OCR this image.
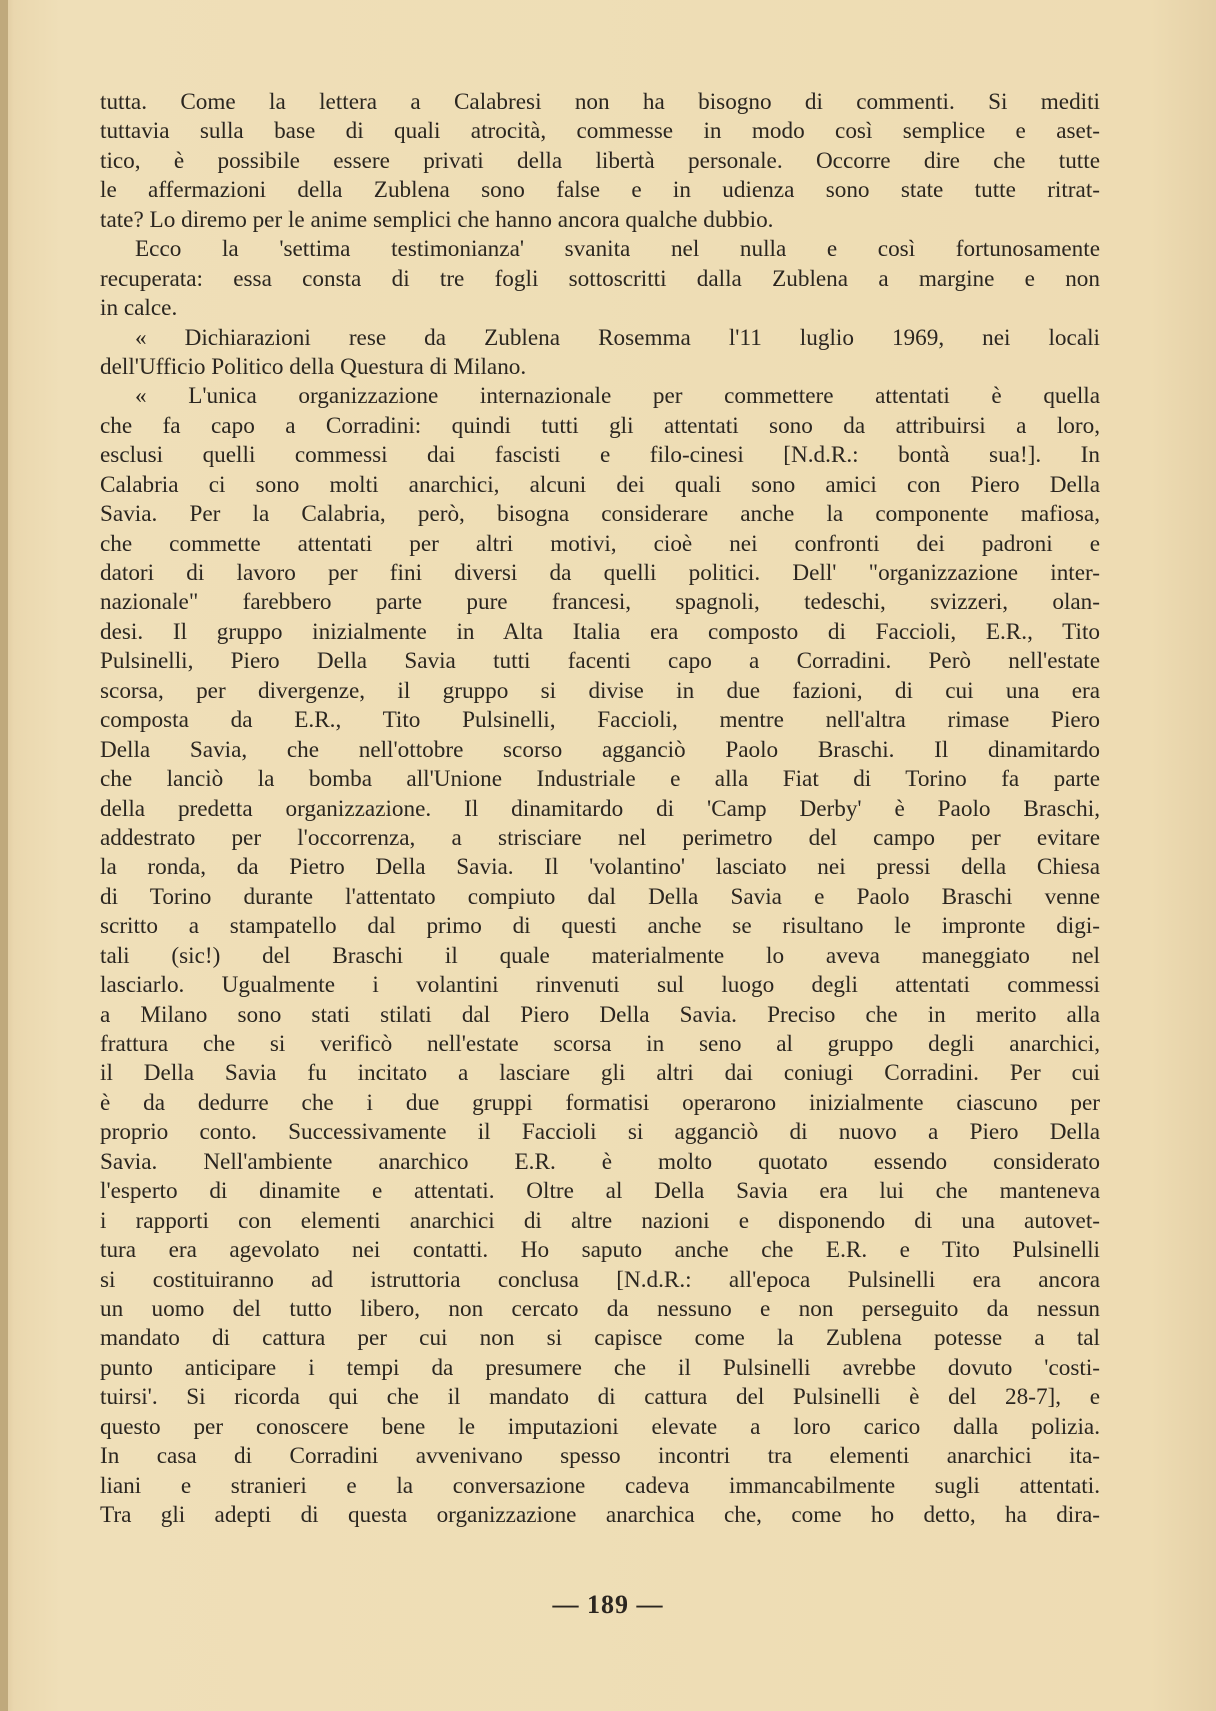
tutta. Come la lettera a Calabresi non ha bisogno di commenti. Si mediti
tuttavia sulla base di quali atrocità, commesse in modo così semplice e aset-
tico, è possibile essere privati della libertà personale. Occorre dire che tutte
le affermazioni della Zublena sono false e in udienza sono state tutte ritrat-
tate? Lo diremo per le anime semplici che hanno ancora qualche dubbio.
Ecco la 'settima testimonianza' svanita nel nulla e così fortunosamente
recuperata: essa consta di tre fogli sottoscritti dalla Zublena a margine e non
in calce.
« Dichiarazioni rese da Zublena Rosemma l'11 luglio 1969, nei locali
dell'Ufficio Politico della Questura di Milano.
« L'unica organizzazione internazionale per commettere attentati è quella
che fa capo a Corradini: quindi tutti gli attentati sono da attribuirsi a loro,
esclusi quelli commessi dai fascisti e filo-cinesi [N.d.R.: bontà sua!]. In
Calabria ci sono molti anarchici, alcuni dei quali sono amici con Piero Della
Savia. Per la Calabria, però, bisogna considerare anche la componente mafiosa,
che commette attentati per altri motivi, cioè nei confronti dei padroni e
datori di lavoro per fini diversi da quelli politici. Dell' "organizzazione inter-
nazionale" farebbero parte pure francesi, spagnoli, tedeschi, svizzeri, olan-
desi. Il gruppo inizialmente in Alta Italia era composto di Faccioli, E.R., Tito
Pulsinelli, Piero Della Savia tutti facenti capo a Corradini. Però nell'estate
scorsa, per divergenze, il gruppo si divise in due fazioni, di cui una era
composta da E.R., Tito Pulsinelli, Faccioli, mentre nell'altra rimase Piero
Della Savia, che nell'ottobre scorso agganciò Paolo Braschi. Il dinamitardo
che lanciò la bomba all'Unione Industriale e alla Fiat di Torino fa parte
della predetta organizzazione. Il dinamitardo di 'Camp Derby' è Paolo Braschi,
addestrato per l'occorrenza, a strisciare nel perimetro del campo per evitare
la ronda, da Pietro Della Savia. Il 'volantino' lasciato nei pressi della Chiesa
di Torino durante l'attentato compiuto dal Della Savia e Paolo Braschi venne
scritto a stampatello dal primo di questi anche se risultano le impronte digi-
tali (sic!) del Braschi il quale materialmente lo aveva maneggiato nel
lasciarlo. Ugualmente i volantini rinvenuti sul luogo degli attentati commessi
a Milano sono stati stilati dal Piero Della Savia. Preciso che in merito alla
frattura che si verificò nell'estate scorsa in seno al gruppo degli anarchici,
il Della Savia fu incitato a lasciare gli altri dai coniugi Corradini. Per cui
è da dedurre che i due gruppi formatisi operarono inizialmente ciascuno per
proprio conto. Successivamente il Faccioli si agganciò di nuovo a Piero Della
Savia. Nell'ambiente anarchico E.R. è molto quotato essendo considerato
l'esperto di dinamite e attentati. Oltre al Della Savia era lui che manteneva
i rapporti con elementi anarchici di altre nazioni e disponendo di una autovet-
tura era agevolato nei contatti. Ho saputo anche che E.R. e Tito Pulsinelli
si costituiranno ad istruttoria conclusa [N.d.R.: all'epoca Pulsinelli era ancora
un uomo del tutto libero, non cercato da nessuno e non perseguito da nessun
mandato di cattura per cui non si capisce come la Zublena potesse a tal
punto anticipare i tempi da presumere che il Pulsinelli avrebbe dovuto 'costi-
tuirsi'. Si ricorda qui che il mandato di cattura del Pulsinelli è del 28-7], e
questo per conoscere bene le imputazioni elevate a loro carico dalla polizia.
In casa di Corradini avvenivano spesso incontri tra elementi anarchici ita-
liani e stranieri e la conversazione cadeva immancabilmente sugli attentati.
Tra gli adepti di questa organizzazione anarchica che, come ho detto, ha dira-
— 189 —
